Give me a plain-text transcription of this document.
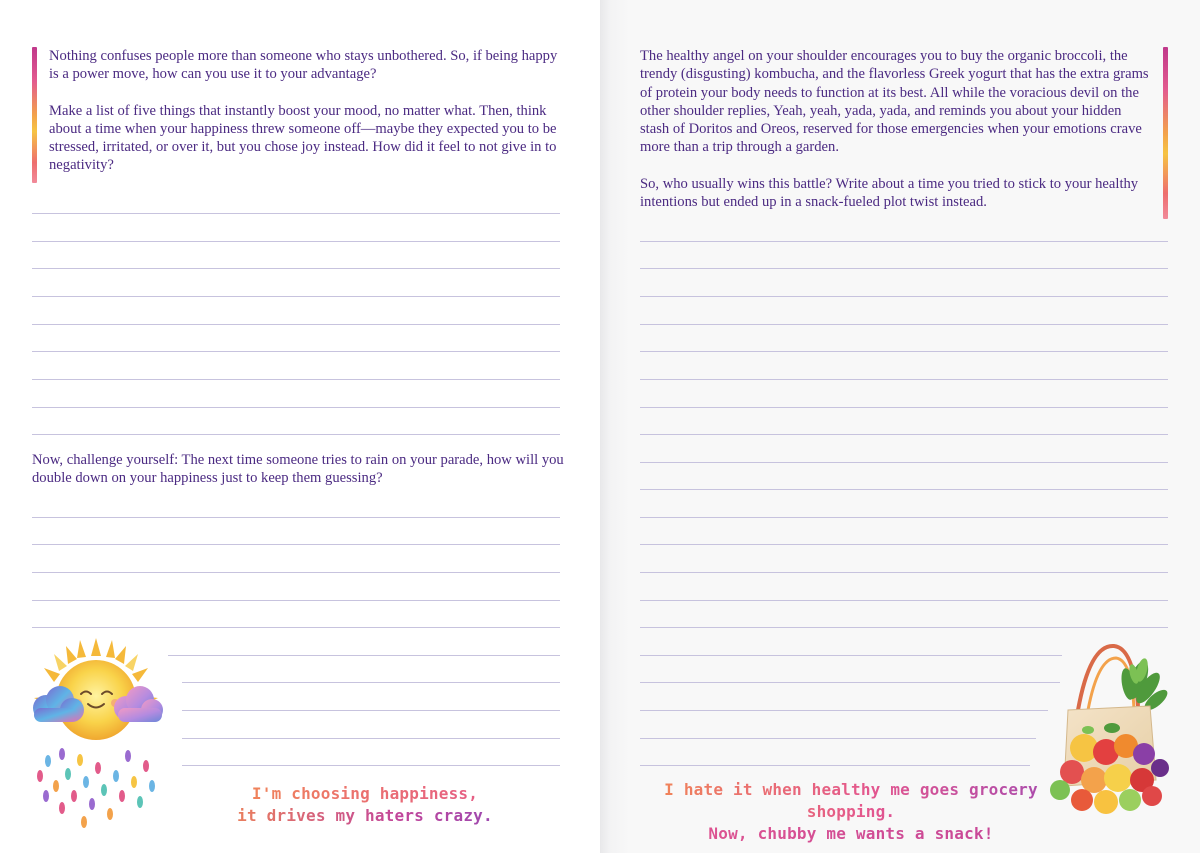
Nothing confuses people more than someone who stays unbothered. So, if being happy is a power move, how can you use it to your advantage?

Make a list of five things that instantly boost your mood, no matter what. Then, think about a time when your happiness threw someone off—maybe they expected you to be stressed, irritated, or over it, but you chose joy instead. How did it feel to not give in to negativity?

Now, challenge yourself: The next time someone tries to rain on your parade, how will you double down on your happiness just to keep them guessing?

I'm choosing happiness,
it drives my haters crazy.

The healthy angel on your shoulder encourages you to buy the organic broccoli, the trendy (disgusting) kombucha, and the flavorless Greek yogurt that has the extra grams of protein your body needs to function at its best. All while the voracious devil on the other shoulder replies, Yeah, yeah, yada, yada, and reminds you about your hidden stash of Doritos and Oreos, reserved for those emergencies when your emotions crave more than a trip through a garden.

So, who usually wins this battle? Write about a time you tried to stick to your healthy intentions but ended up in a snack-fueled plot twist instead.

I hate it when healthy me goes grocery shopping.
Now, chubby me wants a snack!
